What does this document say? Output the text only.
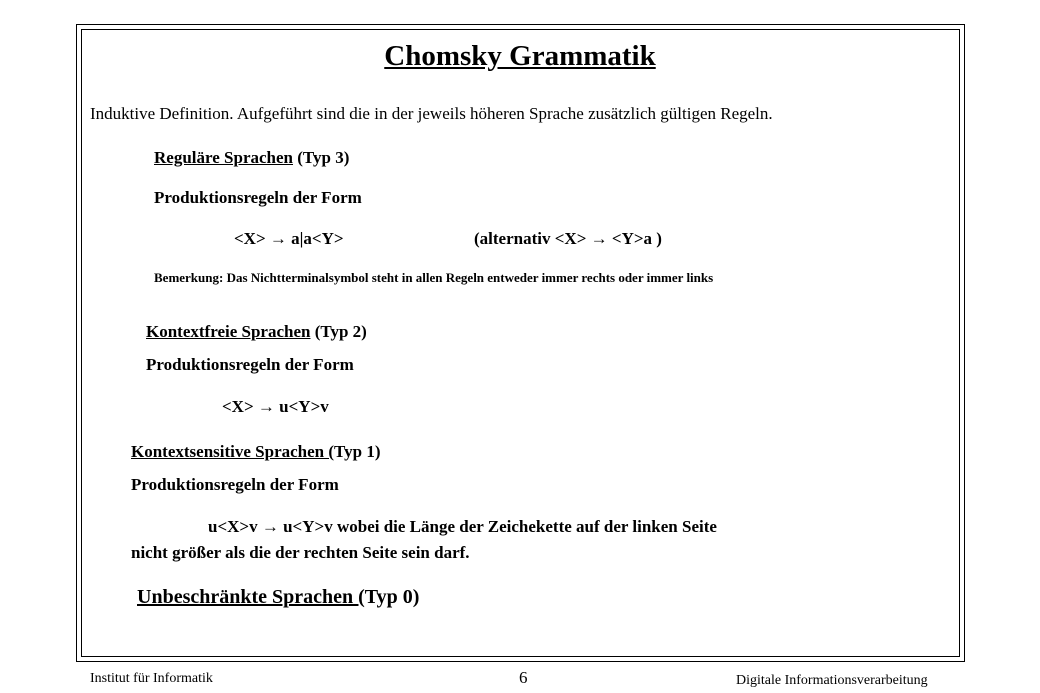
Chomsky Grammatik
Induktive Definition. Aufgeführt sind die in der jeweils höheren Sprache zusätzlich gültigen Regeln.
Reguläre Sprachen (Typ 3)
Produktionsregeln der Form
<X> → a|a<Y>	(alternativ <X> → <Y>a )
Bemerkung: Das Nichtterminalsymbol steht in allen Regeln entweder immer rechts oder immer links
Kontextfreie Sprachen (Typ 2)
Produktionsregeln der Form
<X> → u<Y>v
Kontextsensitive Sprachen (Typ 1)
Produktionsregeln der Form
u<X>v → u<Y>v wobei die Länge der Zeichekette auf der linken Seite
nicht größer als die der rechten Seite sein darf.
Unbeschränkte Sprachen (Typ 0)
Institut für Informatik	6	Digitale Informationsverarbeitung
